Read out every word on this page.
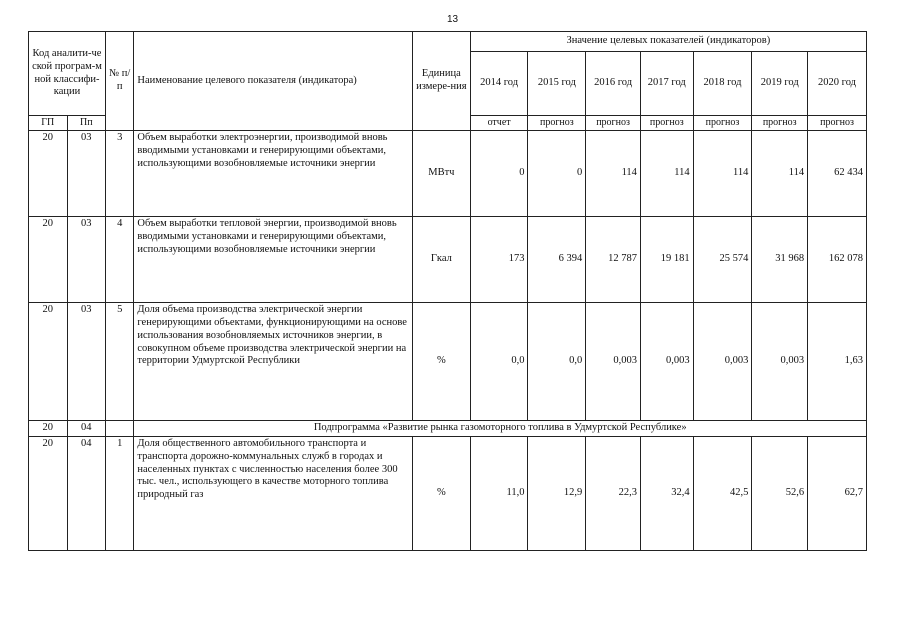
13
Код аналити-ческой програм-мной классифи-кации		№ п/п	Наименование целевого показателя (индикатора)	Единица измере-ния	Значение целевых показателей (индикаторов)						
					2014 год	2015 год	2016 год	2017 год	2018 год	2019 год	2020 год
ГП	Пп				отчет	прогноз	прогноз	прогноз	прогноз	прогноз	прогноз
20	03	3	Объем выработки электроэнергии, производимой вновь вводимыми установками и генерирующими объектами, использующими возобновляемые источники энергии	МВтч	0	0	114	114	114	114	62 434
20	03	4	Объем выработки тепловой энергии, производимой вновь вводимыми установками и генерирующими объектами, использующими возобновляемые источники энергии	Гкал	173	6 394	12 787	19 181	25 574	31 968	162 078
20	03	5	Доля объема производства электрической энергии генерирующими объектами, функционирующими на основе использования возобновляемых источников энергии, в совокупном объеме производства электрической энергии на территории Удмуртской Республики	%	0,0	0,0	0,003	0,003	0,003	0,003	1,63
20	04		Подпрограмма «Развитие рынка газомоторного топлива в Удмуртской Республике»								
20	04	1	Доля общественного автомобильного транспорта и транспорта дорожно-коммунальных служб в городах и населенных пунктах с численностью населения более 300 тыс. чел., использующего в качестве моторного топлива природный газ	%	11,0	12,9	22,3	32,4	42,5	52,6	62,7
